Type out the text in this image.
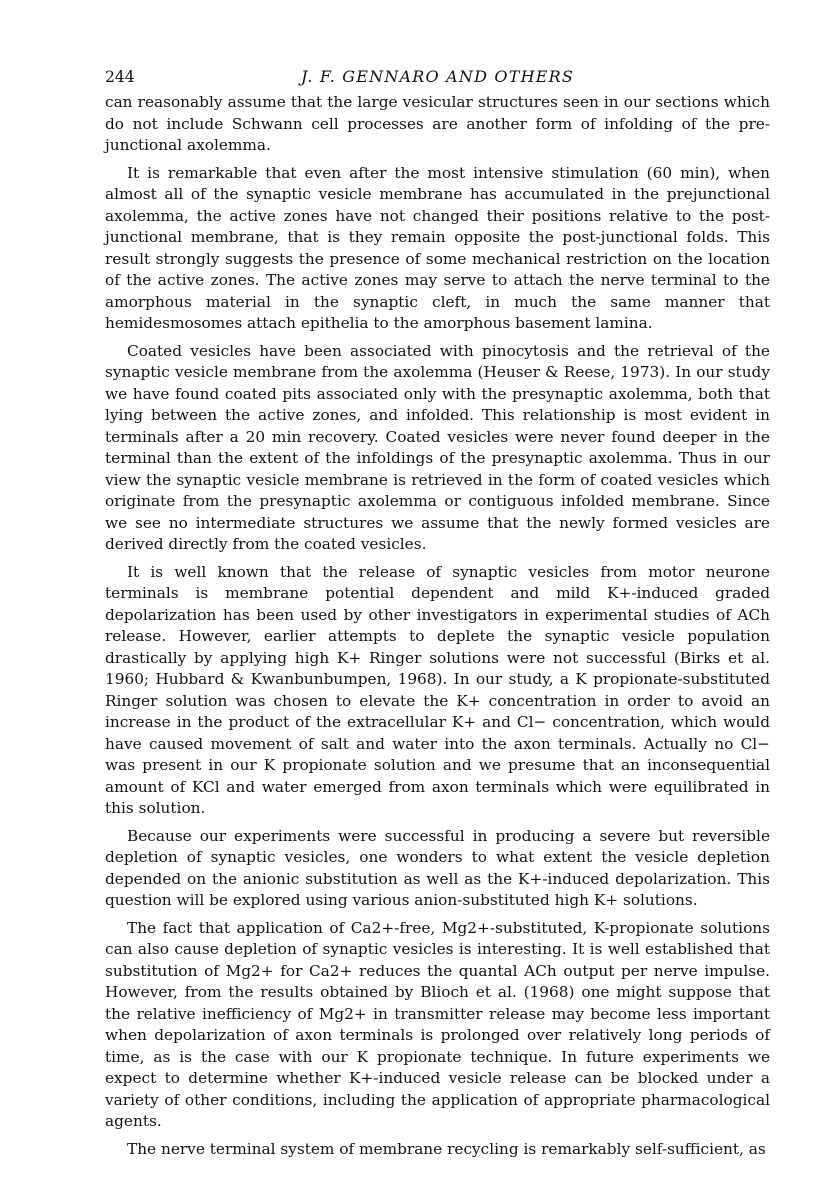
244	J. F. GENNARO AND OTHERS

can reasonably assume that the large vesicular structures seen in our sections which do not include Schwann cell processes are another form of infolding of the pre-junctional axolemma.

It is remarkable that even after the most intensive stimulation (60 min), when almost all of the synaptic vesicle membrane has accumulated in the prejunctional axolemma, the active zones have not changed their positions relative to the post-junctional membrane, that is they remain opposite the post-junctional folds. This result strongly suggests the presence of some mechanical restriction on the location of the active zones. The active zones may serve to attach the nerve terminal to the amorphous material in the synaptic cleft, in much the same manner that hemidesmosomes attach epithelia to the amorphous basement lamina.

Coated vesicles have been associated with pinocytosis and the retrieval of the synaptic vesicle membrane from the axolemma (Heuser & Reese, 1973). In our study we have found coated pits associated only with the presynaptic axolemma, both that lying between the active zones, and infolded. This relationship is most evident in terminals after a 20 min recovery. Coated vesicles were never found deeper in the terminal than the extent of the infoldings of the presynaptic axolemma. Thus in our view the synaptic vesicle membrane is retrieved in the form of coated vesicles which originate from the presynaptic axolemma or contiguous infolded membrane. Since we see no intermediate structures we assume that the newly formed vesicles are derived directly from the coated vesicles.

It is well known that the release of synaptic vesicles from motor neurone terminals is membrane potential dependent and mild K+-induced graded depolarization has been used by other investigators in experimental studies of ACh release. However, earlier attempts to deplete the synaptic vesicle population drastically by applying high K+ Ringer solutions were not successful (Birks et al. 1960; Hubbard & Kwanbunbumpen, 1968). In our study, a K propionate-substituted Ringer solution was chosen to elevate the K+ concentration in order to avoid an increase in the product of the extracellular K+ and Cl− concentration, which would have caused movement of salt and water into the axon terminals. Actually no Cl− was present in our K propionate solution and we presume that an inconsequential amount of KCl and water emerged from axon terminals which were equilibrated in this solution.

Because our experiments were successful in producing a severe but reversible depletion of synaptic vesicles, one wonders to what extent the vesicle depletion depended on the anionic substitution as well as the K+-induced depolarization. This question will be explored using various anion-substituted high K+ solutions.

The fact that application of Ca2+-free, Mg2+-substituted, K-propionate solutions can also cause depletion of synaptic vesicles is interesting. It is well established that substitution of Mg2+ for Ca2+ reduces the quantal ACh output per nerve impulse. However, from the results obtained by Blioch et al. (1968) one might suppose that the relative inefficiency of Mg2+ in transmitter release may become less important when depolarization of axon terminals is prolonged over relatively long periods of time, as is the case with our K propionate technique. In future experiments we expect to determine whether K+-induced vesicle release can be blocked under a variety of other conditions, including the application of appropriate pharmacological agents.

The nerve terminal system of membrane recycling is remarkably self-sufficient, as
